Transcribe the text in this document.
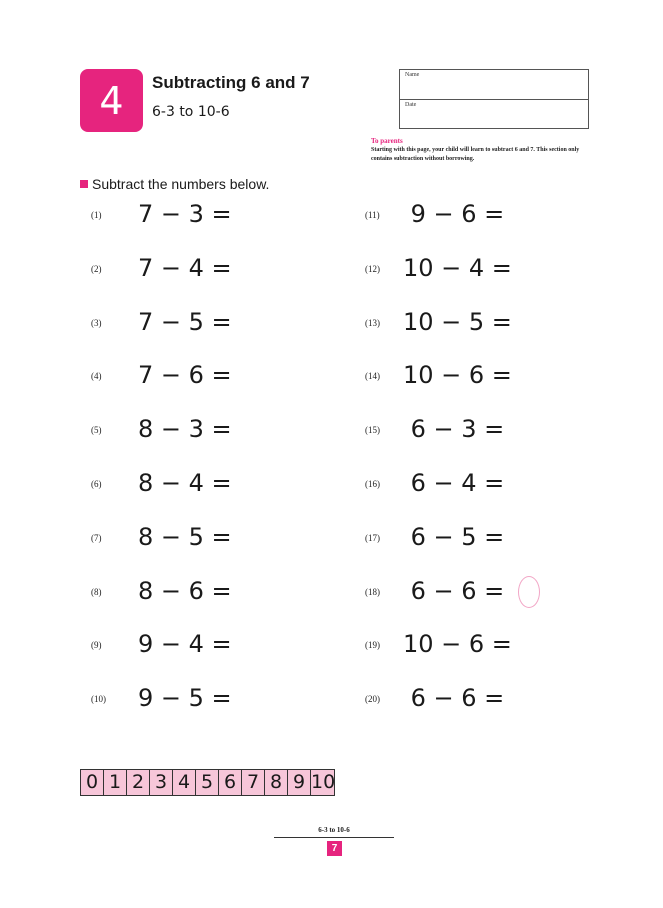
4	Subtracting 6 and 7
6-3 to 10-6
Name
Date
To parents
Starting with this page, your child will learn to subtract 6 and 7. This section only contains subtraction without borrowing.
Subtract the numbers below.
(1) 7 − 3 =
(2) 7 − 4 =
(3) 7 − 5 =
(4) 7 − 6 =
(5) 8 − 3 =
(6) 8 − 4 =
(7) 8 − 5 =
(8) 8 − 6 =
(9) 9 − 4 =
(10) 9 − 5 =
(11) 9 − 6 =
(12) 10 − 4 =
(13) 10 − 5 =
(14) 10 − 6 =
(15) 6 − 3 =
(16) 6 − 4 =
(17) 6 − 5 =
(18) 6 − 6 =
(19) 10 − 6 =
(20) 6 − 6 =
0 1 2 3 4 5 6 7 8 9 10
6-3 to 10-6
7
